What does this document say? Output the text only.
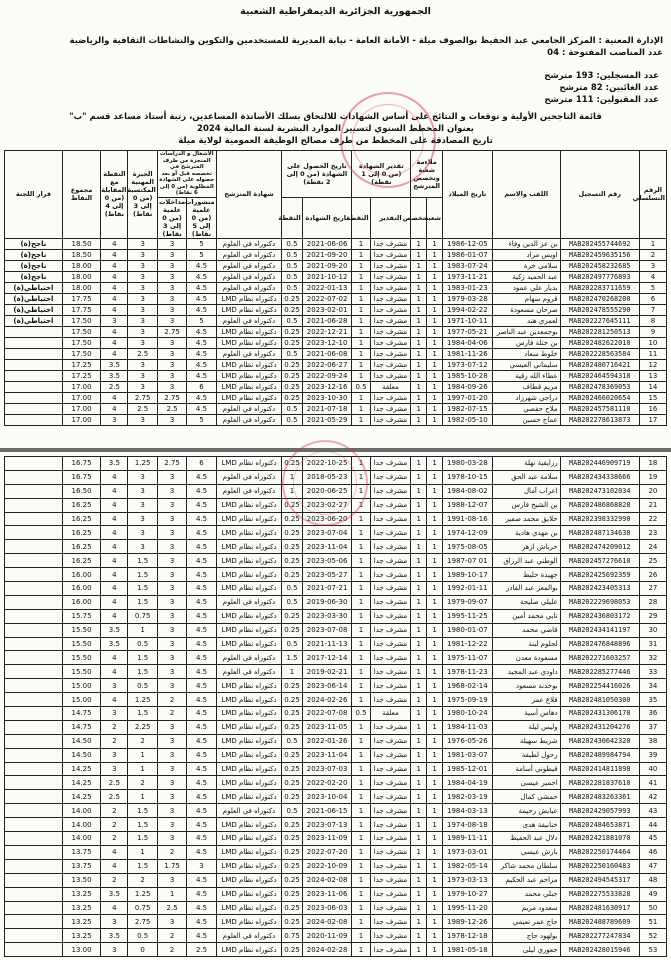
الجمهورية الجزائرية الديمقراطية الشعبية
الإدارة المعنية : المركز الجامعي عبد الحفيظ بوالصوف ميلة - الأمانة العامة - نيابة المديرية للمستخدمين والتكوين والنشاطات الثقافية والرياضية
عدد المناصب المفتوحة : 04
عدد المسجلين: 193 مترشح
عدد الغائبين: 82 مترشح
عدد المقبولين: 111 مترشح
قائمة الناجحين الأولية و توقعات و النتائج على أساس الشهادات للالتحاق بسلك الأساتذة المساعدين، رتبة أستاذ مساعد قسم "ب"
بعنوان المخطط السنوي لتسيير الموارد البشرية لسنة المالية 2024
تاريخ المصادقة على المخطط من طرف مصالح الوظيفة العمومية لولاية ميلة
الرقم التسلسلي	رقم التسجيل	اللقب والاسم	تاريخ الميلاد	ملاءمة شعبة وتخصص المترشح		تقدير الشهادة (من 0 إلى 1 نقطة)		تاريخ الحصول على الشهادة (من 0 إلى 2 نقطة)		شهادة المترشح	الأشغال و الدراسات المنجزة من طرف المترشح في تخصصه قبل أو بعد حصوله على الشهادة المطلوبة (من 0 إلى 6 نقاط)		الخبرة المهنية المكتسبة (من 0 إلى 3 نقاط)	النقطة مع المقابلة (من 0 إلى 4 نقاط)	مجموع النقاط	قرار اللجنة
				شعبة	تخصص	التقدير	النقطة	تاريخ الشهادة	النقطة		منشورات علمية (من 0 إلى 5 نقاط)	مداخلات علمية (من 0 إلى 3 نقاط)				
1	MAB202455744692	بن عز الدين وفاء	1986-12-05	1	1	مشرف جدا	1	2021-06-06	0.5	دكتوراه في العلوم	5	3	3	4	18.50	ناجح(ة)
2	MAB202459635156	اويس مراد	1986-01-07	1	1	مشرف جدا	1	2021-09-20	0.5	دكتوراه في العلوم	5	3	3	4	18.50	ناجح(ة)
3	MAB202458232685	سلامي خرة	1983-07-24	1	1	مشرف جدا	1	2021-09-20	0.5	دكتوراه في العلوم	4.5	3	3	4	18.00	ناجح(ة)
4	MAB202497776893	عبد الحميد زكية	1973-11-21	1	1	مشرف جدا	1	2021-10-12	0.5	دكتوراه في العلوم	4.5	3	3	4	18.00	ناجح(ة)
5	MAB202283711659	بديار علي عمود	1983-01-23	1	1	مشرف جدا	1	2022-01-13	0.5	دكتوراه في العلوم	4.5	3	3	4	18.00	احتياطي(ة)
6	MAB202470268200	قروم سهام	1979-03-28	1	1	مشرف جدا	1	2022-07-02	0.25	دكتوراه نظام LMD	4.5	3	3	4	17.75	احتياطي(ة)
7	MAB202478555290	صرحان مسعودة	1994-02-22	1	1	مشرف جدا	1	2023-02-01	0.25	دكتوراه نظام LMD	4.5	3	3	4	17.75	احتياطي(ة)
8	MAB202227645111	لعمري هند	1971-10-11	1	1	مشرف جدا	1	2021-06-28	0.5	دكتوراه في العلوم	5	3	3	3	17.50	احتياطي(ة)
9	MAB202281250513	بوجمعدين عبد الناصر	1977-05-21	1	1	مشرف جدا	1	2022-12-21	0.25	دكتوراه نظام LMD	4.5	2.75	3	4	17.50	
10	MAB202482622010	بن ختلة فارس	1984-04-06	1	1	مشرف جدا	1	2023-12-10	0.25	دكتوراه نظام LMD	4.5	3	3	4	17.50	
11	MAB202228563584	خلوط سعاد	1981-11-26	1	1	مشرف جدا	1	2021-06-08	0.5	دكتوراه في العلوم	4.5	3	2.5	4	17.50	
12	MAB202480716421	سليماني العيسي	1973-07-12	1	1	مشرف جدا	1	2022-06-27	0.25	دكتوراه نظام LMD	4.5	3	3	3.5	17.25	
13	MAB202464594318	عطاء الله رقية	1985-10-28	1	1	مشرف جدا	1	2022-09-24	0.25	دكتوراه نظام LMD	4.5	3	3	3.5	17.25	
14	MAB202478369053	مريم قطاف	1984-09-26	1	1	معلقة	0.5	2023-12-16	0.25	دكتوراه نظام LMD	6	3	3	2.5	17.00	
15	MAB202466020654	دراجي شهرزاد	1997-01-20	1	1	مشرف جدا	1	2023-10-30	0.25	دكتوراه نظام LMD	4.5	2.75	2.75	4	17.00	
16	MAB202457581110	ملاح حفصي	1982-07-15	1	1	مشرف جدا	1	2021-07-18	0.5	دكتوراه في العلوم	4.5	2.5	2.5	4	17.00	
17	MAB202278613873	عماج حسين	1982-05-10	1	1	مشرف جدا	1	2021-05-29	0.5	دكتوراه في العلوم	5	3	3	3	17.00	
18	MAB202446909719	رزايقية نهلة	1980-03-28	1	1	مشرف جدا	1	2022-10-25	0.25	دكتوراه نظام LMD	6	2.75	1.25	3.5	16.75	
19	MAB202434338666	سلامة عبد الحق	1978-10-15	1	1	مشرف جدا	1	2018-05-23	1	دكتوراه في العلوم	4.5	3	3	4	16.75	
20	MAB202473102034	اعراب آمال	1984-08-02	1	1	مشرف جدا	1	2020-06-25	1	دكتوراه في العلوم	4.5	3	3	4	16.50	
21	MAB202486868828	بن الشيخ فارس	1988-12-07	1	1	مشرف جدا	1	2023-02-27	0.25	دكتوراه نظام LMD	4.5	3	3	4	16.25	
22	MAB202398332990	حلايق محمد صفير	1991-08-16	1	1	مشرف جدا	1	2023-06-20	0.25	دكتوراه نظام LMD	4.5	3	3	4	16.25	
23	MAB202487134638	بن مهدي هادية	1974-12-09	1	1	مشرف جدا	1	2023-07-04	0.25	دكتوراه نظام LMD	4.5	3	3	4	16.25	
24	MAB202474209012	خرباش ازهر	1975-08-05	1	1	مشرف جدا	1	2023-11-04	0.25	دكتوراه نظام LMD	4.5	3	3	4	16.25	
25	MAB202457276610	الوطني عبد الرزاق	1987-07 01	1	1	مشرف جدا	1	2023-05-06	0.25	دكتوراه نظام LMD	4.5	3	1.5	4	16.25	
26	MAB202425692359	جهيدة حليط	1989-10-17	1	1	مشرف جدا	1	2023-05-27	0.25	دكتوراه نظام LMD	4.5	3	1.5	4	16.00	
27	MAB202423405313	بوالمعز عبد القادر	1992-01-11	1	1	مشرف جدا	1	2021-07-21	0.5	دكتوراه نظام LMD	4.5	3	1.5	4	16.00	
28	MAB202229698053	عليلي صليحة	1979-09-07	1	1	مشرف جدا	1	2019-06-30	0.5	دكتوراه في العلوم	4.5	3	1.5	4	16.00	
29	MAB202436803172	تابي محمد أمين	1995-11-25	1	1	مشرف جدا	1	2023-03-30	0.25	دكتوراه نظام LMD	4.5	3	0.75	4	15.75	
30	MAB202434141197	قاضي محمد	1980-01-07	1	1	مشرف جدا	1	2023-07-08	0.25	دكتوراه نظام LMD	4.5	3	1	3.5	15.50	
31	MAB202476848896	لحلوم لبنة	1981-12-22	1	1	مشرف جدا	1	2021-11-13	0.5	دكتوراه نظام LMD	4.5	3	0.5	3.5	15.50	
32	MAB202271603257	مسعودة معدن	1975-11-07	1	1	مشرف جدا	1	2017-12-14	1.5	دكتوراه في العلوم	4.5	3	1.5	4	15.50	
33	MAB202285277446	داودي عبد المجيد	1978-11-23	1	1	مشرف جدا	1	2019-02-21	1	دكتوراه في العلوم	4.5	3	1.5	4	15.50	
34	MAB202254416026	بوخدنة مسعود	1968-02-14	1	1	مشرف جدا	1	2023-06-14	0.25	دكتوراه نظام LMD	4.5	3	0.5	3	15.00	
35	MAB202481050300	قلاع عمر	1975-09-19	1	1	مشرف جدا	1	2024-02-26	0.25	دكتوراه نظام LMD	4.5	2	1.25	4	15.00	
36	MAB202431306170	دهاس أسية	1980-10-24	1	1	معلقة	0.5	2022-07-08	0.25	دكتوراه نظام LMD	4.5	2	1.5	3	14.75	
37	MAB202431204276	وليس ليلة	1984-11-03	1	1	مشرف جدا	1	2023-11-05	0.25	دكتوراه نظام LMD	4.5	3	2.25	2	14.75	
38	MAB202430642320	شريط سهيلة	1976-05-26	1	1	مشرف جدا	1	2022-01-26	0.5	دكتوراه نظام LMD	4.5	3	2	2	14.50	
39	MAB202489984794	رحول لطيفة	1981-03-07	1	1	مشرف جدا	1	2023-11-04	0.25	دكتوراه نظام LMD	4.5	3	1	3	14.50	
40	MAB202414811898	قيطوني أسامة	1985-12-01	1	1	مشرف جدا	1	2023-07-03	0.25	دكتوراه نظام LMD	4.5	3	1	3	14.25	
41	MAB202281837610	احمير عيسى	1984-04-19	1	1	مشرف جدا	1	2022-02-20	0.25	دكتوراه نظام LMD	4.5	3	2	2.5	14.25	
42	MAB202483263361	حمشي كمال	1982-03-19	1	1	مشرف جدا	1	2023-10-04	0.25	دكتوراه نظام LMD	4.5	3	1	2.5	14.25	
43	MAB202429057993	عيايش رحيمة	1984-03-13	1	1	مشرف جدا	1	2021-06-15	0.5	دكتوراه في العلوم	4.5	3	1.5	2	14.00	
44	MAB202484653871	خنانيفة هدى	1974-08-18	1	1	مشرف جدا	1	2023-07-13	0.25	دكتوراه نظام LMD	4.5	3	1.5	2	14.00	
45	MAB202421881070	دلال عبد الحفيظ	1989-11-11	1	1	مشرف جدا	1	2023-11-09	0.25	دكتوراه نظام LMD	4.5	3	1.5	2	14.00	
46	MAB202250174464	بارش عيسى	1973-03-01	1	1	مشرف جدا	1	2022-07-20	0.25	دكتوراه نظام LMD	4.5	2	1	4	13.75	
47	MAB202250160483	سلطان محمد شاكر	1982-05-14	1	1	مشرف جدا	1	2022-10-09	0.25	دكتوراه نظام LMD	3	1.75	1.5	4	13.75	
48	MAB202494545317	مزاحم عبد الحكيم	1973-03-13	1	1	مشرف جدا	1	2024-02-08	0.25	دكتوراه نظام LMD	4.5	3	2	2	13.50	
49	MAB202275533828	جبلي محمد	1979-10-27	1	1	مشرف جدا	1	2023-11-06	0.25	دكتوراه نظام LMD	4.5	1	1.25	3.5	13.25	
50	MAB202481630917	سعدود مريم	1995-11-20	1	1	مشرف جدا	1	2023-06-03	0.25	دكتوراه نظام LMD	4.5	2.5	0.75	4	13.25	
51	MAB202488789609	حاج عمر نعيمي	1989-12-26	1	1	مشرف جدا	1	2024-02-08	0.25	دكتوراه نظام LMD	4.5	3	2.75	3	13.25	
52	MAB202277247834	بولهود حاج	1978-12-18	1	1	مشرف جدا	1	2020-11-09	0.75	دكتوراه في العلوم	4.5	2	0.5	3.5	13.25	
53	MAB202428015946	جعوري ليلى	1981-05-18	1	1	مشرف جدا	1	2024-02-28	0.25	دكتوراه نظام LMD	2.5	2	0	3	13.00	
